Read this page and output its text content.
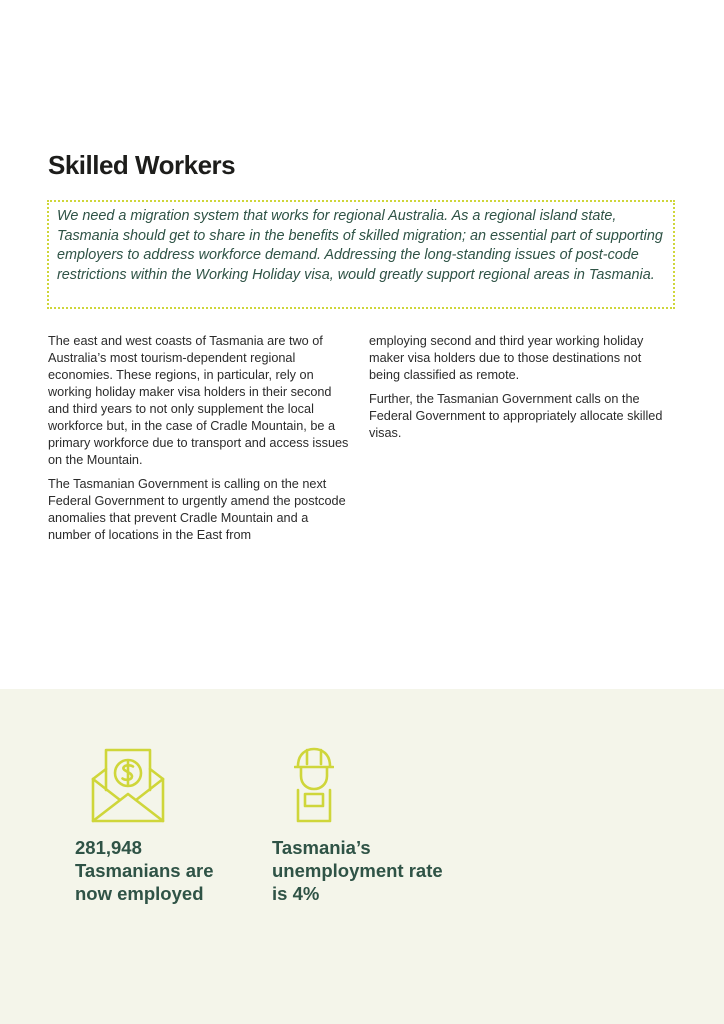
Skilled Workers

We need a migration system that works for regional Australia. As a regional island state, Tasmania should get to share in the benefits of skilled migration; an essential part of supporting employers to address workforce demand. Addressing the long-standing issues of post-code restrictions within the Working Holiday visa, would greatly support regional areas in Tasmania.

The east and west coasts of Tasmania are two of Australia’s most tourism-dependent regional economies. These regions, in particular, rely on working holiday maker visa holders in their second and third years to not only supplement the local workforce but, in the case of Cradle Mountain, be a primary workforce due to transport and access issues on the Mountain.

The Tasmanian Government is calling on the next Federal Government to urgently amend the postcode anomalies that prevent Cradle Mountain and a number of locations in the East from

employing second and third year working holiday maker visa holders due to those destinations not being classified as remote.

Further, the Tasmanian Government calls on the Federal Government to appropriately allocate skilled visas.

281,948
Tasmanians are
now employed
Tasmania’s
unemployment rate
is 4%
